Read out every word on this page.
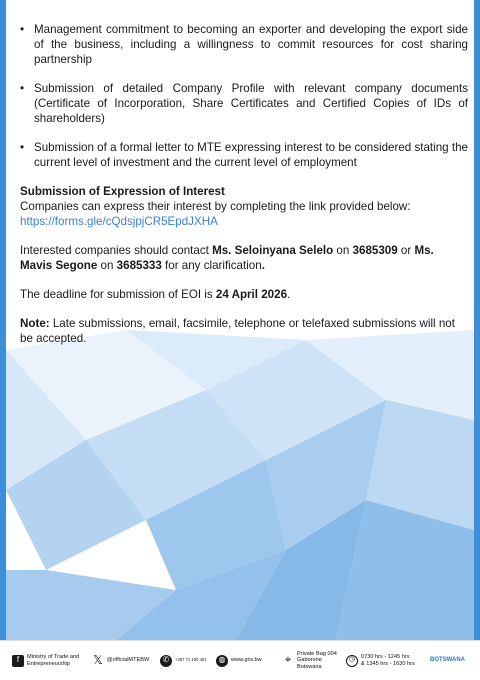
• Management commitment to becoming an exporter and developing the export side of the business, including a willingness to commit resources for cost sharing partnership
• Submission of detailed Company Profile with relevant company documents (Certificate of Incorporation, Share Certificates and Certified Copies of IDs of shareholders)
• Submission of a formal letter to MTE expressing interest to be considered stating the current level of investment and the current level of employment

Submission of Expression of Interest

Companies can express their interest by completing the link provided below:

https://forms.gle/cQdsjpjCR5EpdJXHA

Interested companies should contact Ms. Seloinyana Selelo on 3685309 or Ms. Mavis Segone on 3685333 for any clarification.

The deadline for submission of EOI is 24 April 2026.

Note: Late submissions, email, facsimile, telephone or telefaxed submissions will not be accepted.

f	Ministry of Trade and
Entrepreneurship	𝕏 @officialMTEBW	✆	+267 71 100 401	◍ www.gov.bw ⌖
Private Bag 004
Gaborone
Botswana
◷	0730 hrs - 1245 hrs
& 1345 hrs - 1630 hrs
BOTSWANA
